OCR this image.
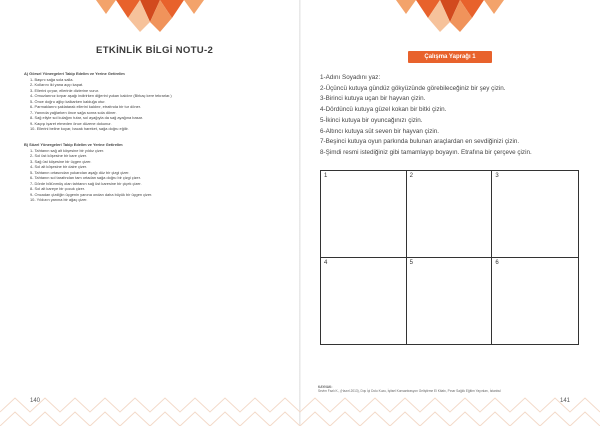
ETKİNLİK BİLGİ NOTU-2
A) Görsel Yönergeleri Takip Edelim ve Yerine Getirelim
1- Başını sağa sola salla.
2- Kollarını iki yana açıp kapat.
3- Ellerini çırpar, ellerinle dizlerine vurur.
4- Omuzlarınız kırpar aşağı indirirken diğerini yukarı kaldırır (Birkaç kere tekrarlar.)
5- Önce doğru ağlıp kalkarken kalduğa otur.
6- Parmaklarını şaklatarak ellerini kaldırır, etrafında bir tur döner.
7- Yanında yağlarken önce sağa sonra sola döner.
8- Sağ eliyle sol kulağını tutar, sol ayağıyla da sağ ayağına basar.
9- Kaçışı işaret etmeden önce düzene dokunur.
10- Ellerini beline koyar, bacak hareket, sağa doğru eğilir.
B) Sözel Yönergeleri Takip Edelim ve Yerine Getirelim
1- Tahtanın sağ alt köşesine bir yıldız çizer.
2- Sol üst köşesine bir kare çizer.
3- Sağ üst köşesine bir üçgen çizer.
4- Sol alt köşesine bir daire çizer.
5- Tahtanın ortasından yukarıdan aşağı düz bir çizgi çizer.
6- Tahtanın sol tarafından tam ortadan sağa doğru bir çizgi çizer.
7- Dörde bölünmüş olan tahtanın sağ üst karesine bir çiçek çizer.
8- Sol alt kareye bir çocuk çizer.
9- Oncadan çizdiğin üçgenin yanına ondan daha büyük bir üçgen çizer.
10- Yıldızın yanına bir ağaç çizer.
140
Çalışma Yaprağı 1
1-Adını Soyadını yaz:
2-Üçüncü kutuya gündüz gökyüzünde görebileceğiniz bir şey çizin.
3-Birinci kutuya uçan bir hayvan çizin.
4-Dördüncü kutuya güzel kokan bir bitki çizin.
5-İkinci kutuya bir oyuncağınızı çizin.
6-Altıncı kutuya süt seven bir hayvan çizin.
7-Beşinci kutuya oyun parkında bulunan araçlardan en sevdiğinizi çizin.
8-Şimdi resmi istediğiniz gibi tamamlayıp boyayın. Etrafına bir çerçeve çizin.
1	2	3
4	5	6
KAYNAK:
Sevim Fazlı K., (Hazırl.2013), Dışı İçi Dolu Kuzu, İşitsel Konsantrasyon Geliştirme El Kitabı, Pınar Sağlık Eğitim Yayınları, İstanbul
141
